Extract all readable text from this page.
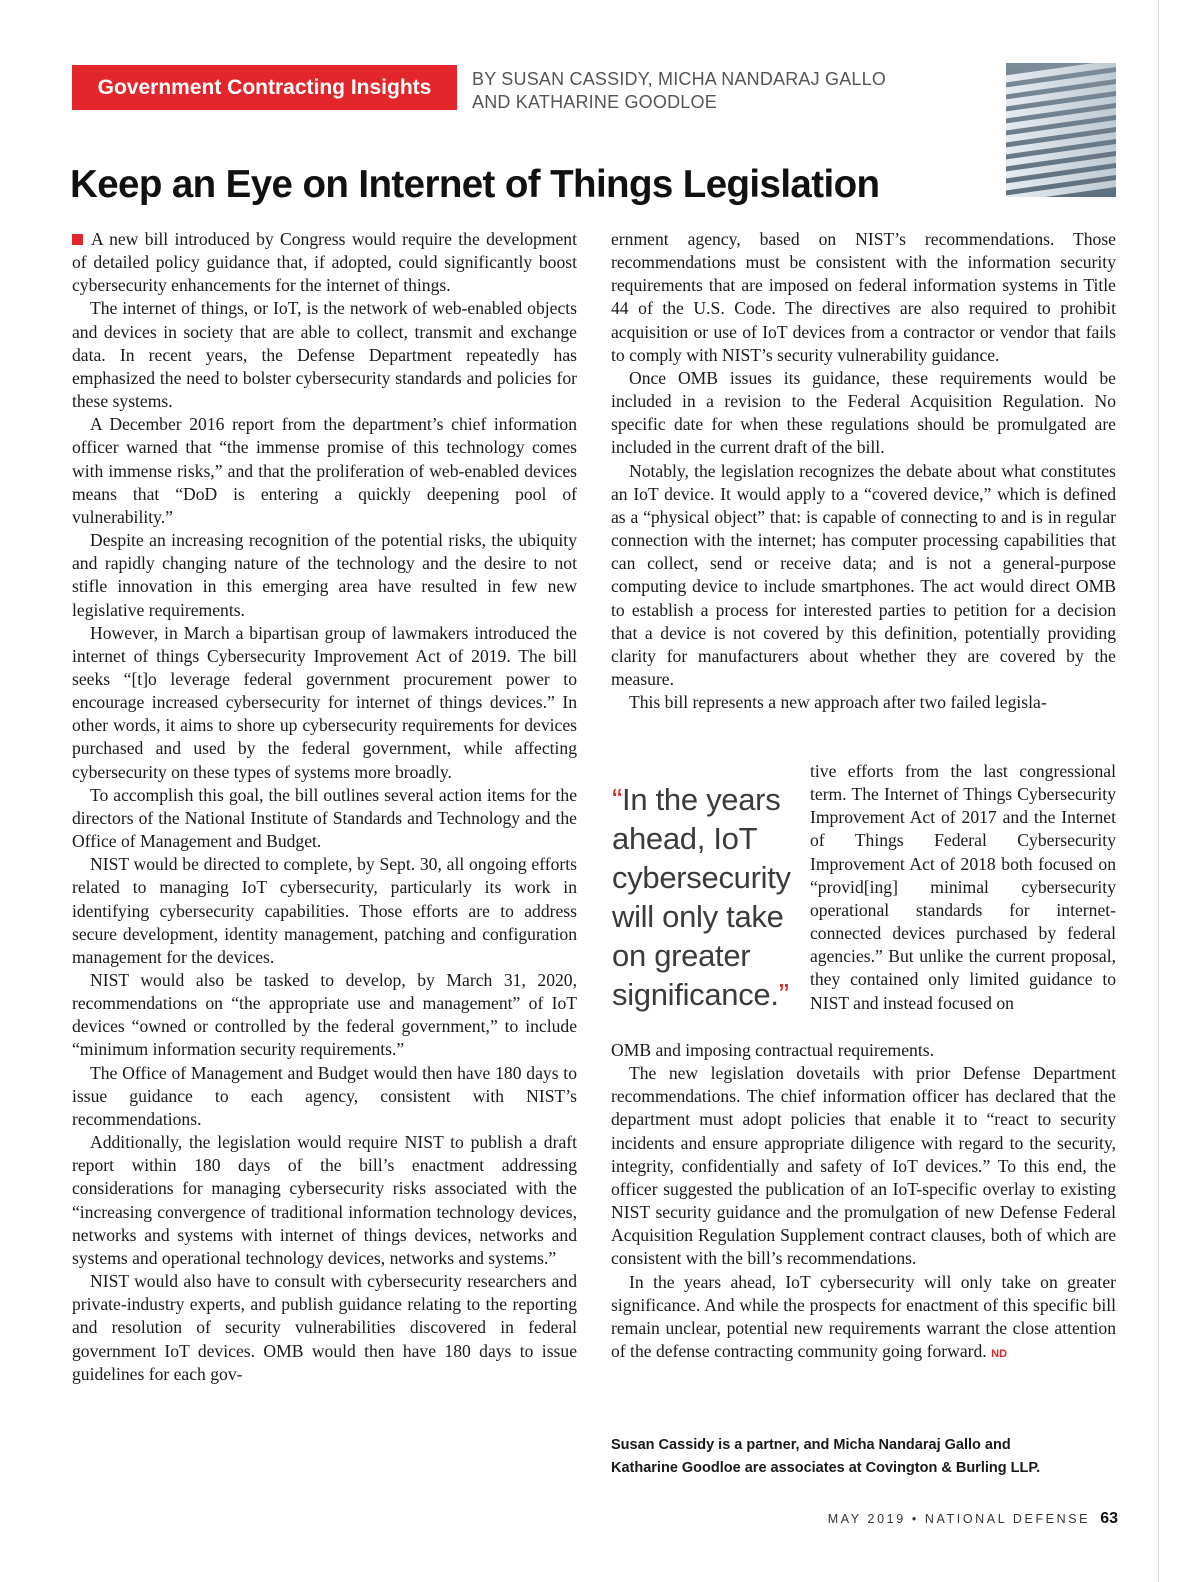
Government Contracting Insights BY SUSAN CASSIDY, MICHA NANDARAJ GALLO
AND KATHARINE GOODLOE
Keep an Eye on Internet of Things Legislation

A new bill introduced by Congress would require the development of detailed policy guidance that, if adopted, could significantly boost cybersecurity enhancements for the internet of things.

The internet of things, or IoT, is the network of web-enabled objects and devices in society that are able to collect, transmit and exchange data. In recent years, the Defense Department repeatedly has emphasized the need to bolster cybersecurity standards and policies for these systems.

A December 2016 report from the department’s chief information officer warned that “the immense promise of this technology comes with immense risks,” and that the proliferation of web-enabled devices means that “DoD is entering a quickly deepening pool of vulnerability.”

Despite an increasing recognition of the potential risks, the ubiquity and rapidly changing nature of the technology and the desire to not stifle innovation in this emerging area have resulted in few new legislative requirements.

However, in March a bipartisan group of lawmakers introduced the internet of things Cybersecurity Improvement Act of 2019. The bill seeks “[t]o leverage federal government procurement power to encourage increased cybersecurity for internet of things devices.” In other words, it aims to shore up cybersecurity requirements for devices purchased and used by the federal government, while affecting cybersecurity on these types of systems more broadly.

To accomplish this goal, the bill outlines several action items for the directors of the National Institute of Standards and Technology and the Office of Management and Budget.

NIST would be directed to complete, by Sept. 30, all ongoing efforts related to managing IoT cybersecurity, particularly its work in identifying cybersecurity capabilities. Those efforts are to address secure development, identity management, patching and configuration management for the devices.

NIST would also be tasked to develop, by March 31, 2020, recommendations on “the appropriate use and management” of IoT devices “owned or controlled by the federal government,” to include “minimum information security requirements.”

The Office of Management and Budget would then have 180 days to issue guidance to each agency, consistent with NIST’s recommendations.

Additionally, the legislation would require NIST to publish a draft report within 180 days of the bill’s enactment addressing considerations for managing cybersecurity risks associated with the “increasing convergence of traditional information technology devices, networks and systems with internet of things devices, networks and systems and operational technology devices, networks and systems.”

NIST would also have to consult with cybersecurity researchers and private-industry experts, and publish guidance relating to the reporting and resolution of security vulnerabilities discovered in federal government IoT devices. OMB would then have 180 days to issue guidelines for each gov-

ernment agency, based on NIST’s recommendations. Those recommendations must be consistent with the information security requirements that are imposed on federal information systems in Title 44 of the U.S. Code. The directives are also required to prohibit acquisition or use of IoT devices from a contractor or vendor that fails to comply with NIST’s security vulnerability guidance.

Once OMB issues its guidance, these requirements would be included in a revision to the Federal Acquisition Regulation. No specific date for when these regulations should be promulgated are included in the current draft of the bill.

Notably, the legislation recognizes the debate about what constitutes an IoT device. It would apply to a “covered device,” which is defined as a “physical object” that: is capable of connecting to and is in regular connection with the internet; has computer processing capabilities that can collect, send or receive data; and is not a general-purpose computing device to include smartphones. The act would direct OMB to establish a process for interested parties to petition for a decision that a device is not covered by this definition, potentially providing clarity for manufacturers about whether they are covered by the measure.

This bill represents a new approach after two failed legisla-

“In the years ahead, IoT cybersecurity will only take on greater significance.”

tive efforts from the last congressional term. The Internet of Things Cybersecurity Improvement Act of 2017 and the Internet of Things Federal Cybersecurity Improvement Act of 2018 both focused on “provid[ing] minimal cybersecurity operational standards for internet-connected devices purchased by federal agencies.” But unlike the current proposal, they contained only limited guidance to NIST and instead focused on

OMB and imposing contractual requirements.

The new legislation dovetails with prior Defense Department recommendations. The chief information officer has declared that the department must adopt policies that enable it to “react to security incidents and ensure appropriate diligence with regard to the security, integrity, confidentially and safety of IoT devices.” To this end, the officer suggested the publication of an IoT-specific overlay to existing NIST security guidance and the promulgation of new Defense Federal Acquisition Regulation Supplement contract clauses, both of which are consistent with the bill’s recommendations.

In the years ahead, IoT cybersecurity will only take on greater significance. And while the prospects for enactment of this specific bill remain unclear, potential new requirements warrant the close attention of the defense contracting community going forward. ND

Susan Cassidy is a partner, and Micha Nandaraj Gallo and
Katharine Goodloe are associates at Covington & Burling LLP.
MAY 2019 • NATIONAL DEFENSE 63
